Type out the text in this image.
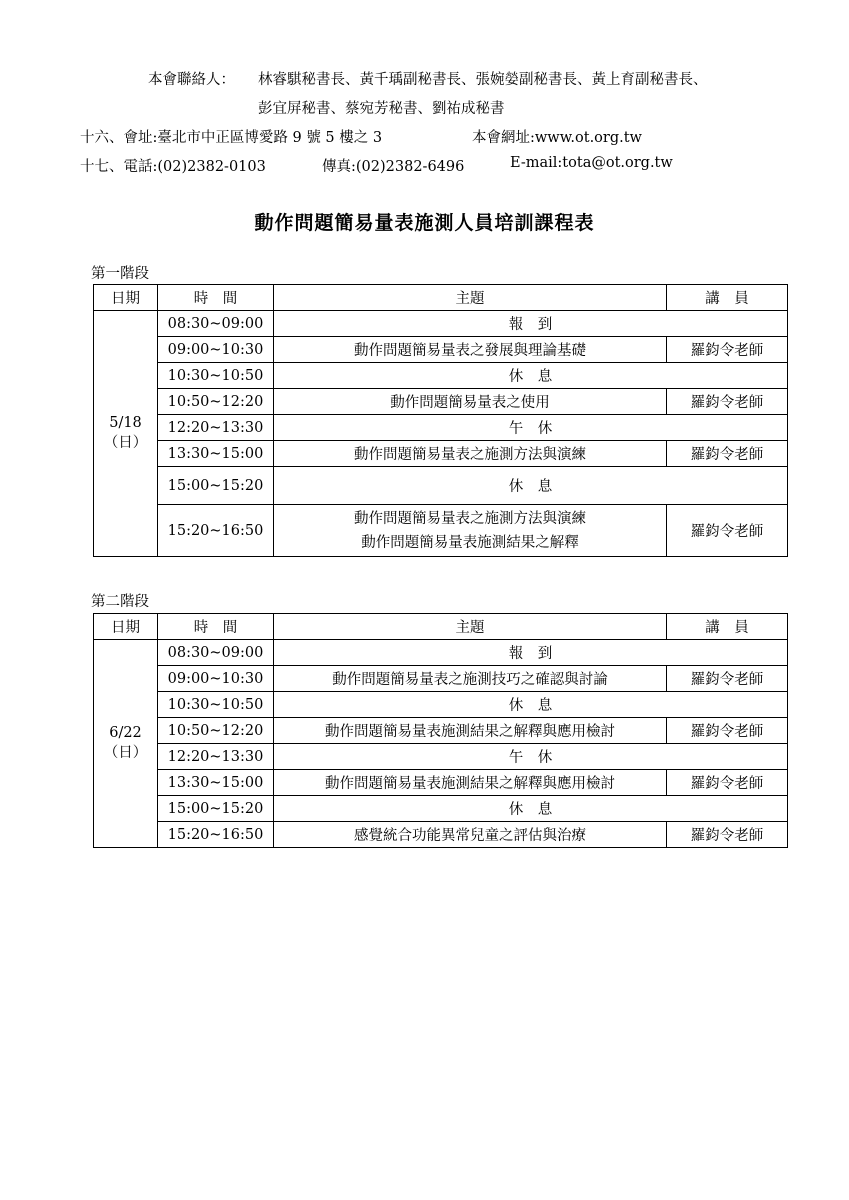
本會聯絡人： 林睿騏秘書長、黃千瑀副秘書長、張婉嫈副秘書長、黃上育副秘書長、
彭宜屏秘書、蔡宛芳秘書、劉祐成秘書
十六、會址:臺北市中正區博愛路 9 號 5 樓之 3	本會網址:www.ot.org.tw
十七、電話:(02)2382-0103	傳真:(02)2382-6496	E-mail:tota@ot.org.tw
動作問題簡易量表施測人員培訓課程表
第一階段
日期	時　間	主題	講　員

5/18
（日）	08:30~09:00	報　到	
	09:00~10:30	動作問題簡易量表之發展與理論基礎	羅鈞令老師
	10:30~10:50	休　息	
	10:50~12:20	動作問題簡易量表之使用	羅鈞令老師
	12:20~13:30	午　休	
	13:30~15:00	動作問題簡易量表之施測方法與演練	羅鈞令老師
	15:00~15:20	休　息	
	15:20~16:50	動作問題簡易量表之施測方法與演練
動作問題簡易量表施測結果之解釋	羅鈞令老師
第二階段
日期	時　間	主題	講　員

6/22
（日）	08:30~09:00	報　到	
	09:00~10:30	動作問題簡易量表之施測技巧之確認與討論	羅鈞令老師
	10:30~10:50	休　息	
	10:50~12:20	動作問題簡易量表施測結果之解釋與應用檢討	羅鈞令老師
	12:20~13:30	午　休	
	13:30~15:00	動作問題簡易量表施測結果之解釋與應用檢討	羅鈞令老師
	15:00~15:20	休　息	
	15:20~16:50	感覺統合功能異常兒童之評估與治療	羅鈞令老師
